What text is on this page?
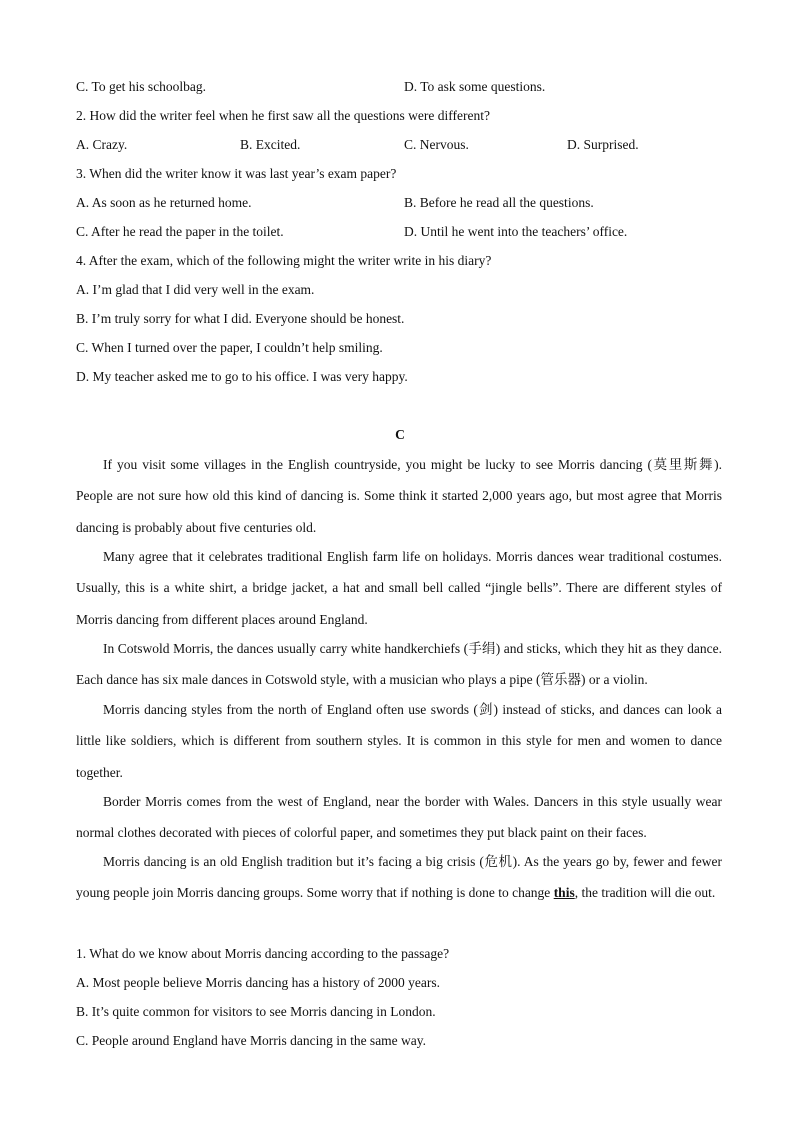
C. To get his schoolbag.	D. To ask some questions.
2. How did the writer feel when he first saw all the questions were different?
A. Crazy.	B. Excited.	C. Nervous.	D. Surprised.
3. When did the writer know it was last year’s exam paper?
A. As soon as he returned home.	B. Before he read all the questions.
C. After he read the paper in the toilet.	D. Until he went into the teachers’ office.
4. After the exam, which of the following might the writer write in his diary?
A. I’m glad that I did very well in the exam.
B. I’m truly sorry for what I did. Everyone should be honest.
C. When I turned over the paper, I couldn’t help smiling.
D. My teacher asked me to go to his office. I was very happy.
C
If you visit some villages in the English countryside, you might be lucky to see Morris dancing (莫里斯舞). People are not sure how old this kind of dancing is. Some think it started 2,000 years ago, but most agree that Morris dancing is probably about five centuries old.
Many agree that it celebrates traditional English farm life on holidays. Morris dances wear traditional costumes. Usually, this is a white shirt, a bridge jacket, a hat and small bell called “jingle bells”. There are different styles of Morris dancing from different places around England.
In Cotswold Morris, the dances usually carry white handkerchiefs (手绢) and sticks, which they hit as they dance. Each dance has six male dances in Cotswold style, with a musician who plays a pipe (管乐器) or a violin.
Morris dancing styles from the north of England often use swords (剑) instead of sticks, and dances can look a little like soldiers, which is different from southern styles. It is common in this style for men and women to dance together.
Border Morris comes from the west of England, near the border with Wales. Dancers in this style usually wear normal clothes decorated with pieces of colorful paper, and sometimes they put black paint on their faces.
Morris dancing is an old English tradition but it’s facing a big crisis (危机). As the years go by, fewer and fewer young people join Morris dancing groups. Some worry that if nothing is done to change this, the tradition will die out.
1. What do we know about Morris dancing according to the passage?
A. Most people believe Morris dancing has a history of 2000 years.
B. It’s quite common for visitors to see Morris dancing in London.
C. People around England have Morris dancing in the same way.
